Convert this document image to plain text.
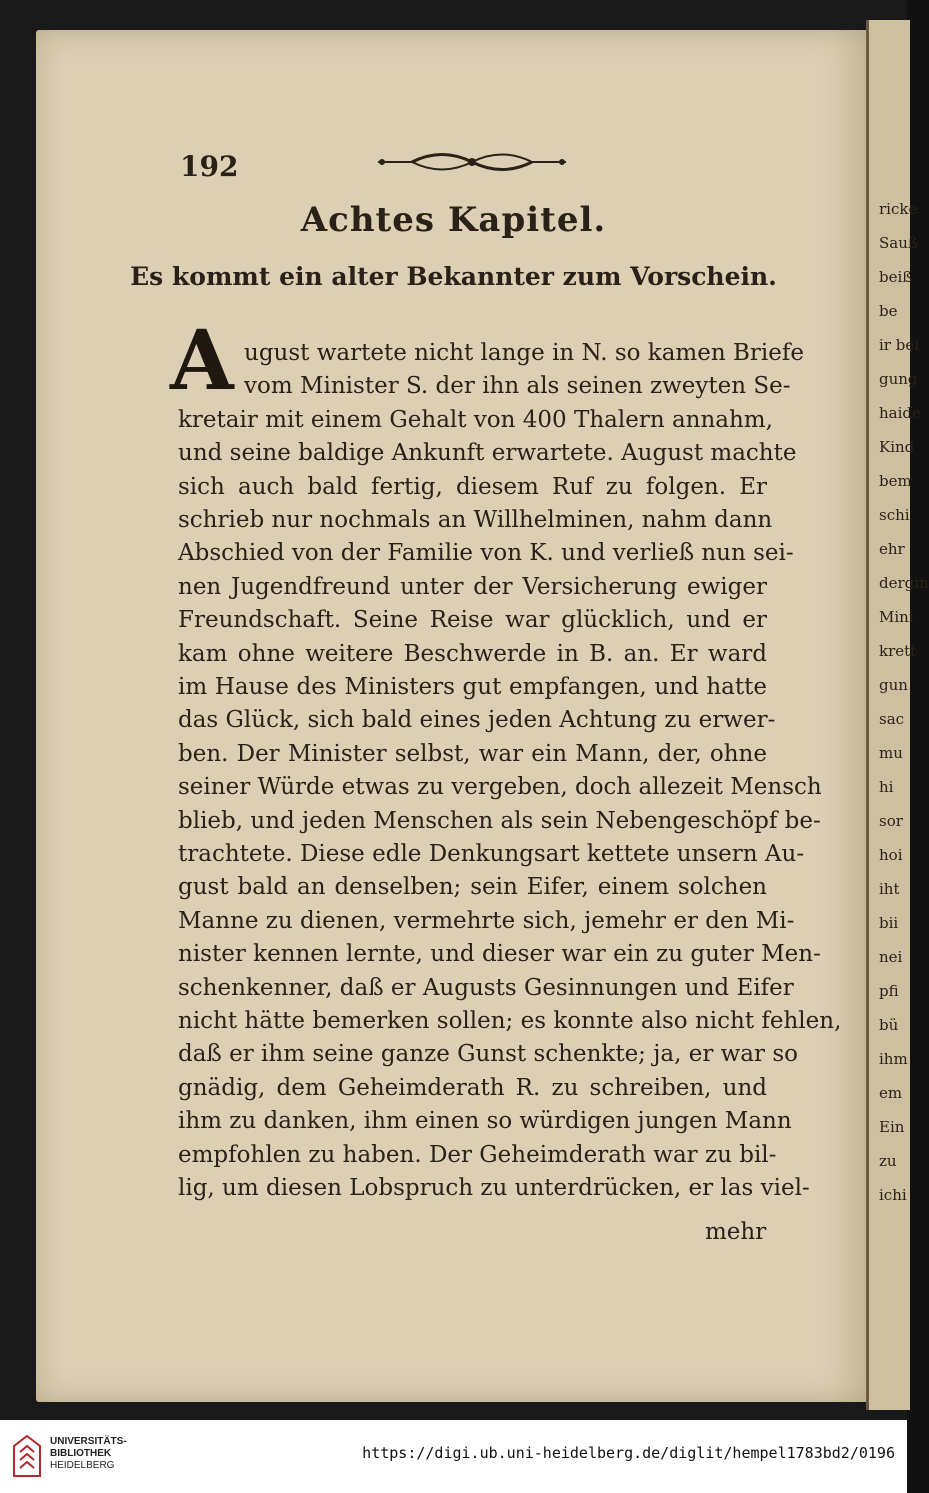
ricke
Sauß
beiß
be
ir bei
gung
haide
Kind
bem
schi
ehr
dergin
Mini
krett
gun
sac
mu
hi
sor
hoi
iht
bii
nei
pfi
bü
ihm
em
Ein
zu
ichi
192
Achtes Kapitel.
Es kommt ein alter Bekannter zum Vorschein.
A ugust wartete nicht lange in N. so kamen Briefe
vom Minister S. der ihn als seinen zweyten Se-
kretair mit einem Gehalt von 400 Thalern annahm,
und seine baldige Ankunft erwartete. August machte
sich auch bald fertig, diesem Ruf zu folgen. Er
schrieb nur nochmals an Willhelminen, nahm dann
Abschied von der Familie von K. und verließ nun sei-
nen Jugendfreund unter der Versicherung ewiger
Freundschaft. Seine Reise war glücklich, und er
kam ohne weitere Beschwerde in B. an. Er ward
im Hause des Ministers gut empfangen, und hatte
das Glück, sich bald eines jeden Achtung zu erwer-
ben. Der Minister selbst, war ein Mann, der, ohne
seiner Würde etwas zu vergeben, doch allezeit Mensch
blieb, und jeden Menschen als sein Nebengeschöpf be-
trachtete. Diese edle Denkungsart kettete unsern Au-
gust bald an denselben; sein Eifer, einem solchen
Manne zu dienen, vermehrte sich, jemehr er den Mi-
nister kennen lernte, und dieser war ein zu guter Men-
schenkenner, daß er Augusts Gesinnungen und Eifer
nicht hätte bemerken sollen; es konnte also nicht fehlen,
daß er ihm seine ganze Gunst schenkte; ja, er war so
gnädig, dem Geheimderath R. zu schreiben, und
ihm zu danken, ihm einen so würdigen jungen Mann
empfohlen zu haben. Der Geheimderath war zu bil-
lig, um diesen Lobspruch zu unterdrücken, er las viel-
mehr
UNIVERSITÄTS-
BIBLIOTHEK
HEIDELBERG
https://digi.ub.uni-heidelberg.de/diglit/hempel1783bd2/0196
